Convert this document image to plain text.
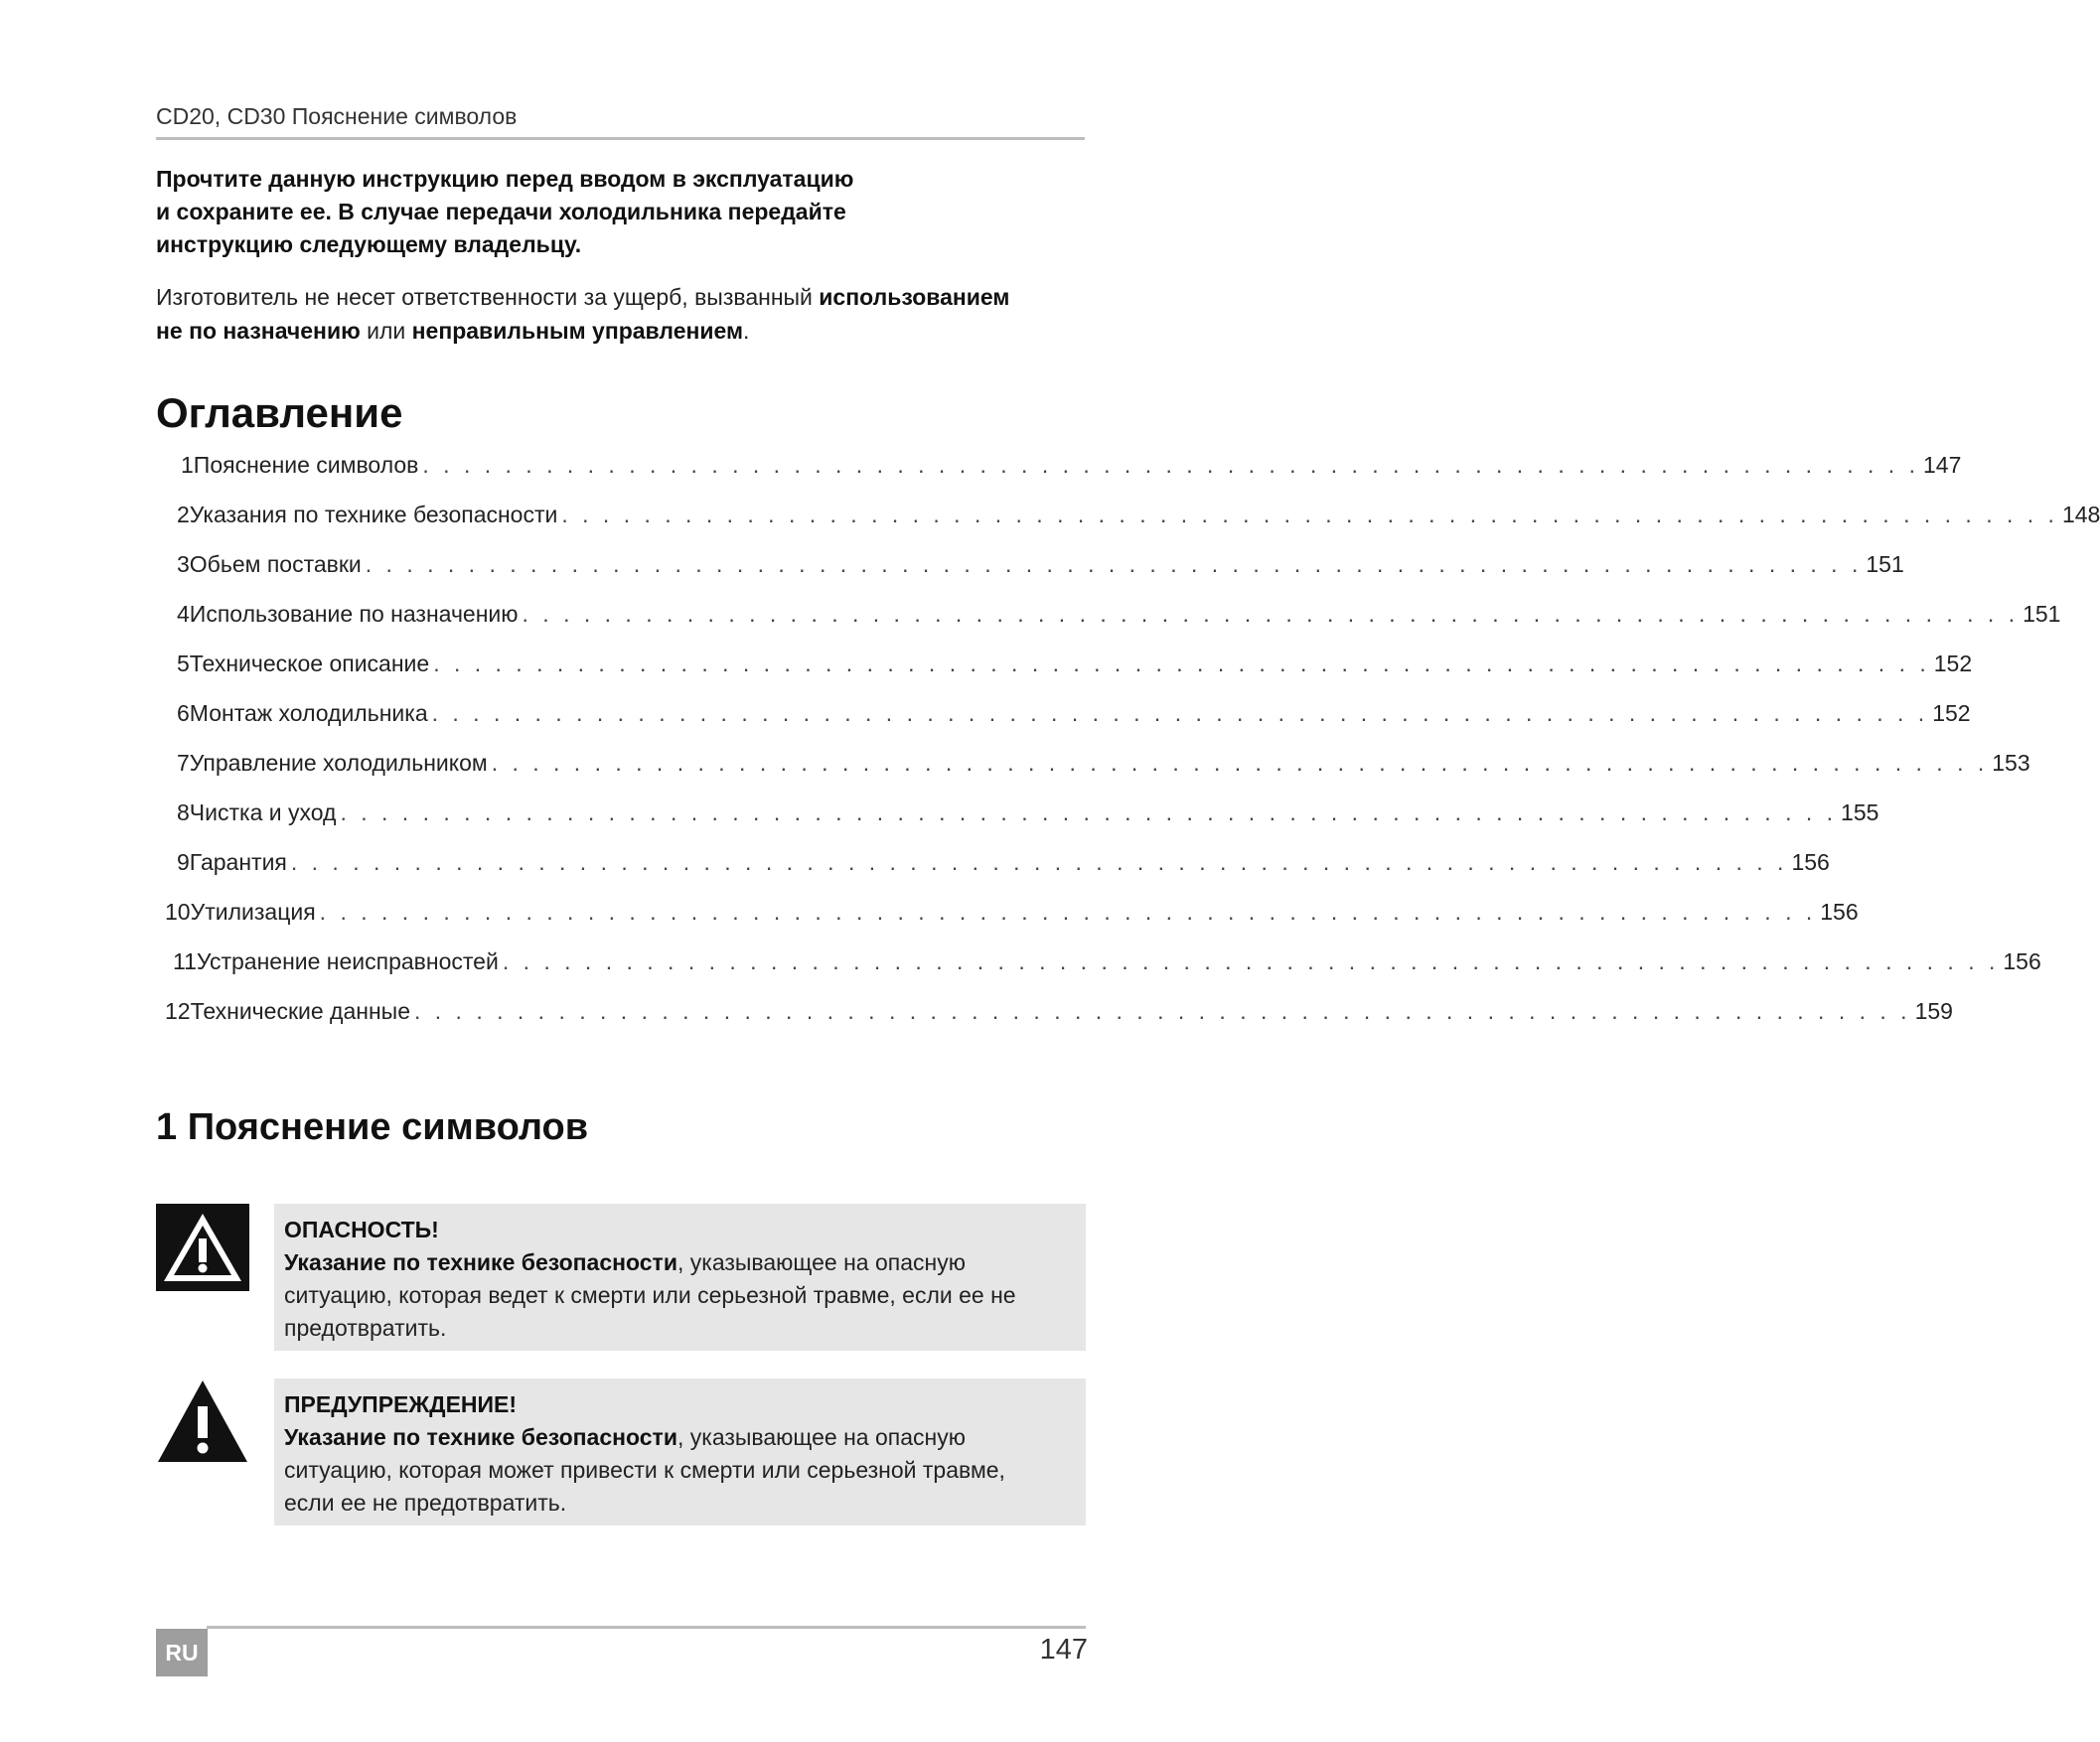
CD20, CD30 Пояснение символов
Прочтите данную инструкцию перед вводом в эксплуатацию
и сохраните ее. В случае передачи холодильника передайте
инструкцию следующему владельцу.
Изготовитель не несет ответственности за ущерб, вызванный использованием
не по назначению или неправильным управлением.
Оглавление
1 Пояснение символов . . . . . . . . . . . . . . . . . . . . . . . . . . . . . . . . . . . . . . . . . . . . . . . . . . . . . . . . . . . . . . . . . . . . . . . . . 147
2 Указания по технике безопасности . . . . . . . . . . . . . . . . . . . . . . . . . . . . . . . . . . . . . . . . . . . . . . . . . . . . . . . . . . . . . . . . . . . . . . . . . 148
3 Обьем поставки . . . . . . . . . . . . . . . . . . . . . . . . . . . . . . . . . . . . . . . . . . . . . . . . . . . . . . . . . . . . . . . . . . . . . . . . . 151
4 Использование по назначению . . . . . . . . . . . . . . . . . . . . . . . . . . . . . . . . . . . . . . . . . . . . . . . . . . . . . . . . . . . . . . . . . . . . . . . . . 151
5 Техническое описание . . . . . . . . . . . . . . . . . . . . . . . . . . . . . . . . . . . . . . . . . . . . . . . . . . . . . . . . . . . . . . . . . . . . . . . . . 152
6 Монтаж холодильника . . . . . . . . . . . . . . . . . . . . . . . . . . . . . . . . . . . . . . . . . . . . . . . . . . . . . . . . . . . . . . . . . . . . . . . . . 152
7 Управление холодильником . . . . . . . . . . . . . . . . . . . . . . . . . . . . . . . . . . . . . . . . . . . . . . . . . . . . . . . . . . . . . . . . . . . . . . . . . 153
8 Чистка и уход . . . . . . . . . . . . . . . . . . . . . . . . . . . . . . . . . . . . . . . . . . . . . . . . . . . . . . . . . . . . . . . . . . . . . . . . . 155
9 Гарантия . . . . . . . . . . . . . . . . . . . . . . . . . . . . . . . . . . . . . . . . . . . . . . . . . . . . . . . . . . . . . . . . . . . . . . . . . 156
10 Утилизация . . . . . . . . . . . . . . . . . . . . . . . . . . . . . . . . . . . . . . . . . . . . . . . . . . . . . . . . . . . . . . . . . . . . . . . . . 156
11 Устранение неисправностей . . . . . . . . . . . . . . . . . . . . . . . . . . . . . . . . . . . . . . . . . . . . . . . . . . . . . . . . . . . . . . . . . . . . . . . . . 156
12 Технические данные . . . . . . . . . . . . . . . . . . . . . . . . . . . . . . . . . . . . . . . . . . . . . . . . . . . . . . . . . . . . . . . . . . . . . . . . . 159
1 Пояснение символов
ОПАСНОСТЬ!
Указание по технике безопасности, указывающее на опасную
ситуацию, которая ведет к смерти или серьезной травме, если ее не
предотвратить.
ПРЕДУПРЕЖДЕНИЕ!
Указание по технике безопасности, указывающее на опасную
ситуацию, которая может привести к смерти или серьезной травме,
если ее не предотвратить.
RU	147
